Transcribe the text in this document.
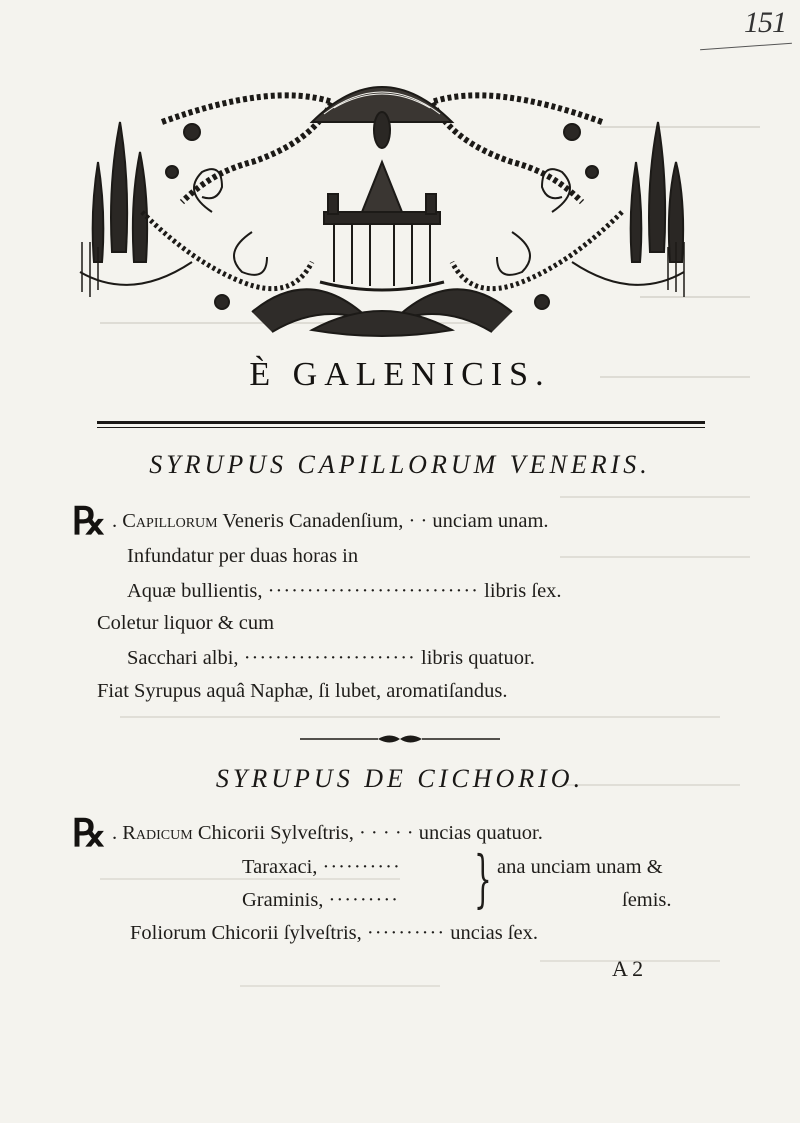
151
È GALENICIS.
SYRUPUS CAPILLORUM VENERIS.
℞ . Capillorum Veneris Canadenſium, · · unciam unam.
Infundatur per duas horas in
Aquæ bullientis, ··························· libris ſex.
Coletur liquor & cum
Sacchari albi, ······················ libris quatuor.
Fiat Syrupus aquâ Naphæ, ſi lubet, aromatiſandus.
SYRUPUS DE CICHORIO.
℞ . Radicum Chicorii Sylveſtris, · · · · · uncias quatuor.
Taraxaci, ·········· } ana unciam unam &
Graminis, ·········	ſemis.
Foliorum Chicorii ſylveſtris, ·········· uncias ſex.
A 2
